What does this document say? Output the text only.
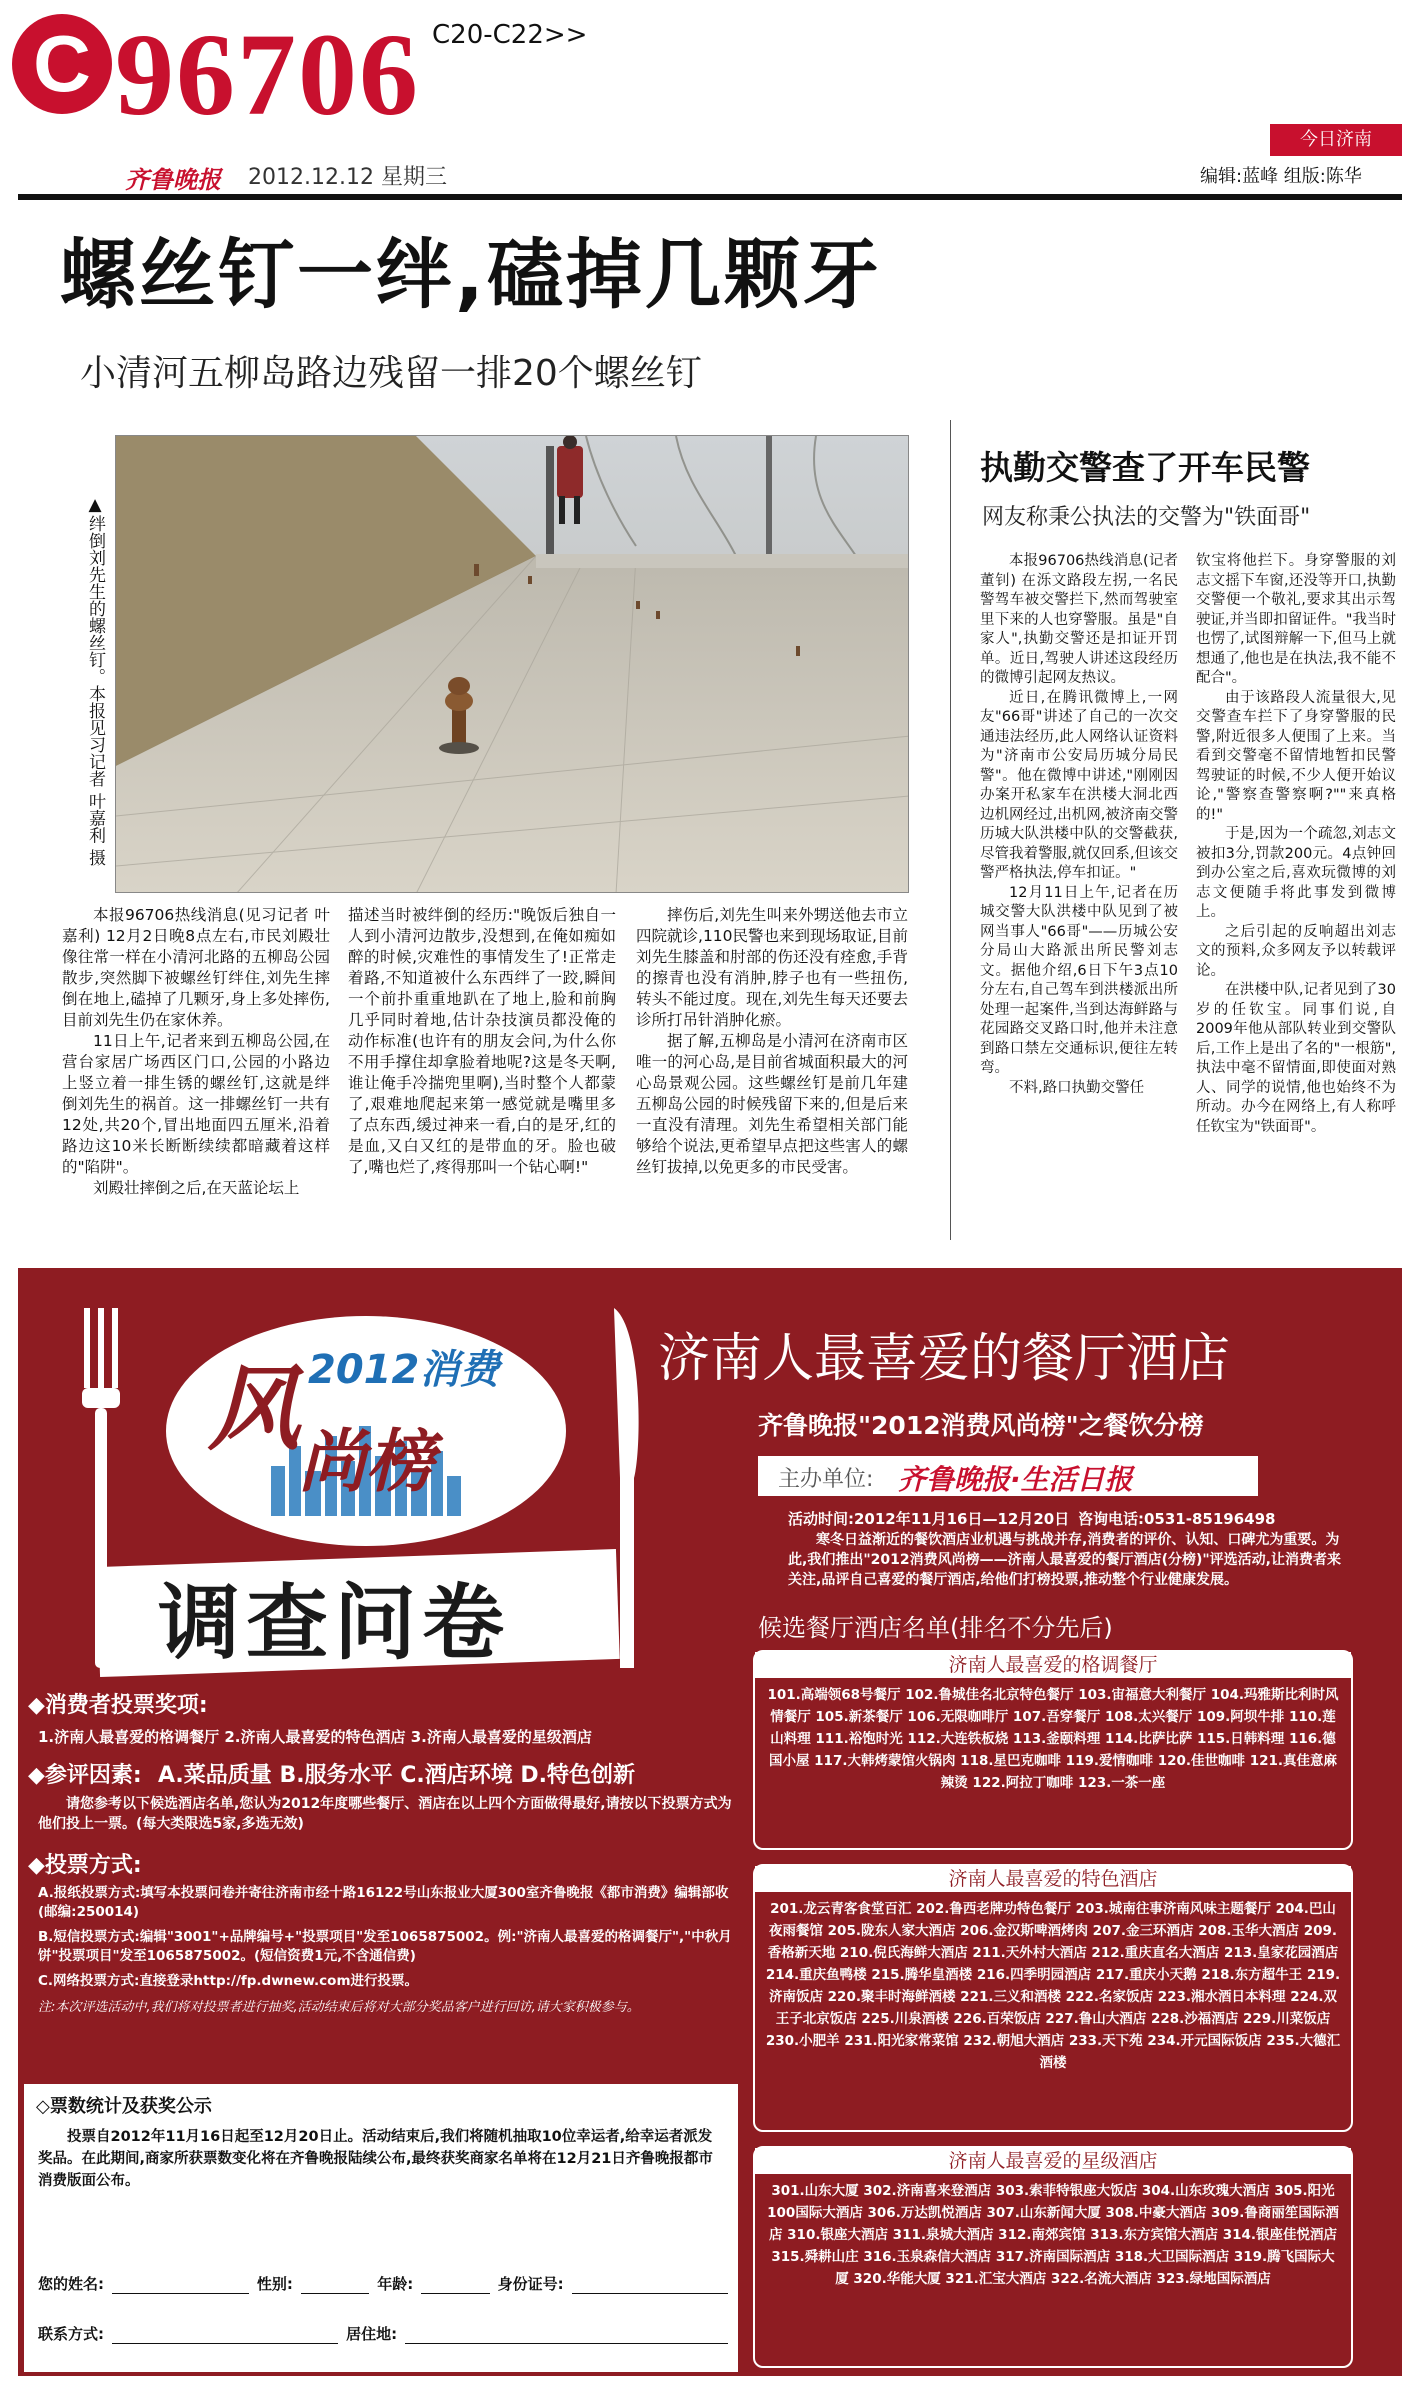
C 96706 C20-C22>>
今日济南
齐鲁晚报 2012.12.12 星期三	编辑:蓝峰 组版:陈华
螺丝钉一绊,磕掉几颗牙
小清河五柳岛路边残留一排20个螺丝钉
▲绊倒刘先生的螺丝钉。本报见习记者 叶嘉利 摄

本报96706热线消息(见习记者 叶嘉利) 12月2日晚8点左右,市民刘殿壮像往常一样在小清河北路的五柳岛公园散步,突然脚下被螺丝钉绊住,刘先生摔倒在地上,磕掉了几颗牙,身上多处摔伤,目前刘先生仍在家休养。

11日上午,记者来到五柳岛公园,在营台家居广场西区门口,公园的小路边上竖立着一排生锈的螺丝钉,这就是绊倒刘先生的祸首。这一排螺丝钉一共有12处,共20个,冒出地面四五厘米,沿着路边这10米长断断续续都暗藏着这样的"陷阱"。

刘殿壮摔倒之后,在天蓝论坛上

描述当时被绊倒的经历:"晚饭后独自一人到小清河边散步,没想到,在俺如痴如醉的时候,灾难性的事情发生了!正常走着路,不知道被什么东西绊了一跤,瞬间一个前扑重重地趴在了地上,脸和前胸几乎同时着地,估计杂技演员都没俺的动作标准(也许有的朋友会问,为什么你不用手撑住却拿脸着地呢?这是冬天啊,谁让俺手冷揣兜里啊),当时整个人都蒙了,艰难地爬起来第一感觉就是嘴里多了点东西,缓过神来一看,白的是牙,红的是血,又白又红的是带血的牙。脸也破了,嘴也烂了,疼得那叫一个钻心啊!"

摔伤后,刘先生叫来外甥送他去市立四院就诊,110民警也来到现场取证,目前刘先生膝盖和肘部的伤还没有痊愈,手背的擦青也没有消肿,脖子也有一些扭伤,转头不能过度。现在,刘先生每天还要去诊所打吊针消肿化瘀。

据了解,五柳岛是小清河在济南市区唯一的河心岛,是目前省城面积最大的河心岛景观公园。这些螺丝钉是前几年建五柳岛公园的时候残留下来的,但是后来一直没有清理。刘先生希望相关部门能够给个说法,更希望早点把这些害人的螺丝钉拔掉,以免更多的市民受害。

执勤交警查了开车民警
网友称秉公执法的交警为"铁面哥"

本报96706热线消息(记者 董钊) 在泺文路段左拐,一名民警驾车被交警拦下,然而驾驶室里下来的人也穿警服。虽是"自家人",执勤交警还是扣证开罚单。近日,驾驶人讲述这段经历的微博引起网友热议。

近日,在腾讯微博上,一网友"66哥"讲述了自己的一次交通违法经历,此人网络认证资料为"济南市公安局历城分局民警"。他在微博中讲述,"刚刚因办案开私家车在洪楼大洞北西边机网经过,出机网,被济南交警历城大队洪楼中队的交警截获,尽管我着警服,就仅回系,但该交警严格执法,停车扣证。"

12月11日上午,记者在历城交警大队洪楼中队见到了被网当事人"66哥"——历城公安分局山大路派出所民警刘志文。据他介绍,6日下午3点10分左右,自己驾车到洪楼派出所处理一起案件,当到达海鲜路与花园路交叉路口时,他并未注意到路口禁左交通标识,便往左转弯。

不料,路口执勤交警任

钦宝将他拦下。身穿警服的刘志文摇下车窗,还没等开口,执勤交警便一个敬礼,要求其出示驾驶证,并当即扣留证件。"我当时也愣了,试图辩解一下,但马上就想通了,他也是在执法,我不能不配合"。

由于该路段人流量很大,见交警查车拦下了身穿警服的民警,附近很多人便围了上来。当看到交警毫不留情地暂扣民警驾驶证的时候,不少人便开始议论,"警察查警察啊?""来真格的!"

于是,因为一个疏忽,刘志文被扣3分,罚款200元。4点钟回到办公室之后,喜欢玩微博的刘志文便随手将此事发到微博上。

之后引起的反响超出刘志文的预料,众多网友予以转载评论。

在洪楼中队,记者见到了30岁的任钦宝。同事们说,自2009年他从部队转业到交警队后,工作上是出了名的"一根筋",执法中毫不留情面,即使面对熟人、同学的说情,他也始终不为所动。办今在网络上,有人称呼任钦宝为"铁面哥"。

风 2012消费
尚榜
调查问卷
济南人最喜爱的餐厅酒店
齐鲁晚报"2012消费风尚榜"之餐饮分榜
主办单位: 齐鲁晚报·生活日报
活动时间:2012年11月16日—12月20日 咨询电话:0531-85196498
寒冬日益渐近的餐饮酒店业机遇与挑战并存,消费者的评价、认知、口碑尤为重要。为此,我们推出"2012消费风尚榜——济南人最喜爱的餐厅酒店(分榜)"评选活动,让消费者来关注,品评自己喜爱的餐厅酒店,给他们打榜投票,推动整个行业健康发展。
候选餐厅酒店名单(排名不分先后)
济南人最喜爱的格调餐厅
101.高端领68号餐厅 102.鲁城佳名北京特色餐厅 103.宙福意大利餐厅 104.玛雅斯比利时风情餐厅 105.新茶餐厅 106.无限咖啡厅 107.吾穿餐厅 108.太兴餐厅 109.阿坝牛排 110.莲山料理 111.裕饱时光 112.大连铁板烧 113.釜颐料理 114.比萨比萨 115.日韩料理 116.德国小屋 117.大韩烤蒙馆火锅肉 118.星巴克咖啡 119.爱情咖啡 120.佳世咖啡 121.真佳意麻辣烫 122.阿拉丁咖啡 123.一茶一座
济南人最喜爱的特色酒店
201.龙云青客食堂百汇 202.鲁西老牌功特色餐厅 203.城南往事济南风味主题餐厅 204.巴山夜雨餐馆 205.陇东人家大酒店 206.金汉斯啤酒烤肉 207.金三环酒店 208.玉华大酒店 209.香格新天地 210.倪氏海鲜大酒店 211.天外村大酒店 212.重庆直名大酒店 213.皇家花园酒店 214.重庆鱼鸭楼 215.腾华皇酒楼 216.四季明园酒店 217.重庆小天鹅 218.东方超牛王 219.济南饭店 220.聚丰时海鲜酒楼 221.三义和酒楼 222.名家饭店 223.湘水酒日本料理 224.双王子北京饭店 225.川泉酒楼 226.百荣饭店 227.鲁山大酒店 228.沙福酒店 229.川菜饭店 230.小肥羊 231.阳光家常菜馆 232.朝旭大酒店 233.天下苑 234.开元国际饭店 235.大德汇酒楼
济南人最喜爱的星级酒店
301.山东大厦 302.济南喜来登酒店 303.索菲特银座大饭店 304.山东玫瑰大酒店 305.阳光100国际大酒店 306.万达凯悦酒店 307.山东新闻大厦 308.中豪大酒店 309.鲁商丽笙国际酒店 310.银座大酒店 311.泉城大酒店 312.南郊宾馆 313.东方宾馆大酒店 314.银座佳悦酒店 315.舜耕山庄 316.玉泉森信大酒店 317.济南国际酒店 318.大卫国际酒店 319.腾飞国际大厦 320.华能大厦 321.汇宝大酒店 322.名流大酒店 323.绿地国际酒店
◆消费者投票奖项:
1.济南人最喜爱的格调餐厅 2.济南人最喜爱的特色酒店 3.济南人最喜爱的星级酒店
◆参评因素: A.菜品质量 B.服务水平 C.酒店环境 D.特色创新
请您参考以下候选酒店名单,您认为2012年度哪些餐厅、酒店在以上四个方面做得最好,请按以下投票方式为他们投上一票。(每大类限选5家,多选无效)
◆投票方式:
A.报纸投票方式:填写本投票问卷并寄往济南市经十路16122号山东报业大厦300室齐鲁晚报《都市消费》编辑部收(邮编:250014)
B.短信投票方式:编辑"3001"+品牌编号+"投票项目"发至1065875002。例:"济南人最喜爱的格调餐厅","中秋月饼"投票项目"发至1065875002。(短信资费1元,不含通信费)
C.网络投票方式:直接登录http://fp.dwnew.com进行投票。
注:本次评选活动中,我们将对投票者进行抽奖,活动结束后将对大部分奖品客户进行回访,请大家积极参与。
◇票数统计及获奖公示
投票自2012年11月16日起至12月20日止。活动结束后,我们将随机抽取10位幸运者,给幸运者派发奖品。在此期间,商家所获票数变化将在齐鲁晚报陆续公布,最终获奖商家名单将在12月21日齐鲁晚报都市消费版面公布。
您的姓名:	性别:	年龄:	身份证号:
联系方式:	居住地:
